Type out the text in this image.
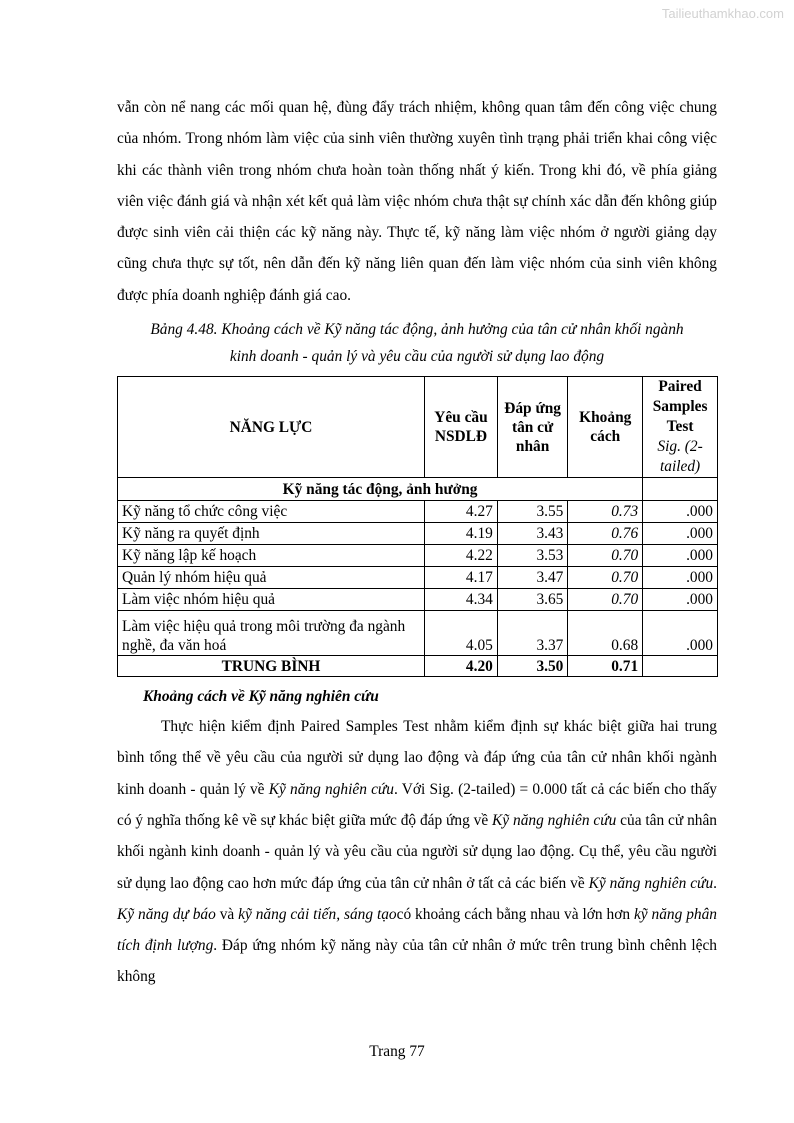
Tailieuthamkhao.com

vẫn còn nể nang các mối quan hệ, đùng đẩy trách nhiệm, không quan tâm đến công việc chung của nhóm. Trong nhóm làm việc của sinh viên thường xuyên tình trạng phải triển khai công việc khi các thành viên trong nhóm chưa hoàn toàn thống nhất ý kiến. Trong khi đó, về phía giảng viên việc đánh giá và nhận xét kết quả làm việc nhóm chưa thật sự chính xác dẫn đến không giúp được sinh viên cải thiện các kỹ năng này. Thực tế, kỹ năng làm việc nhóm ở người giảng dạy cũng chưa thực sự tốt, nên dẫn đến kỹ năng liên quan đến làm việc nhóm của sinh viên không được phía doanh nghiệp đánh giá cao.

Bảng 4.48. Khoảng cách về Kỹ năng tác động, ảnh hưởng của tân cử nhân khối ngành
kinh doanh - quản lý và yêu cầu của người sử dụng lao động
NĂNG LỰC	Yêu cầu NSDLĐ	Đáp ứng tân cử nhân	Khoảng cách	Paired Samples Test
Sig. (2-tailed)

Kỹ năng tác động, ảnh hưởng				
Kỹ năng tổ chức công việc	4.27	3.55	0.73	.000
Kỹ năng ra quyết định	4.19	3.43	0.76	.000
Kỹ năng lập kế hoạch	4.22	3.53	0.70	.000
Quản lý nhóm hiệu quả	4.17	3.47	0.70	.000
Làm việc nhóm hiệu quả	4.34	3.65	0.70	.000
Làm việc hiệu quả trong môi trường đa ngành nghề, đa văn hoá	4.05	3.37	0.68	.000
TRUNG BÌNH	4.20	3.50	0.71	
Khoảng cách về Kỹ năng nghiên cứu

Thực hiện kiểm định Paired Samples Test nhằm kiểm định sự khác biệt giữa hai trung bình tổng thể về yêu cầu của người sử dụng lao động và đáp ứng của tân cử nhân khối ngành kinh doanh - quản lý về Kỹ năng nghiên cứu. Với Sig. (2-tailed) = 0.000 tất cả các biến cho thấy có ý nghĩa thống kê về sự khác biệt giữa mức độ đáp ứng về Kỹ năng nghiên cứu của tân cử nhân khối ngành kinh doanh - quản lý và yêu cầu của người sử dụng lao động. Cụ thể, yêu cầu người sử dụng lao động cao hơn mức đáp ứng của tân cử nhân ở tất cả các biến về Kỹ năng nghiên cứu. Kỹ năng dự báo và kỹ năng cải tiến, sáng tạocó khoảng cách bằng nhau và lớn hơn kỹ năng phân tích định lượng. Đáp ứng nhóm kỹ năng này của tân cử nhân ở mức trên trung bình chênh lệch không

Trang 77
